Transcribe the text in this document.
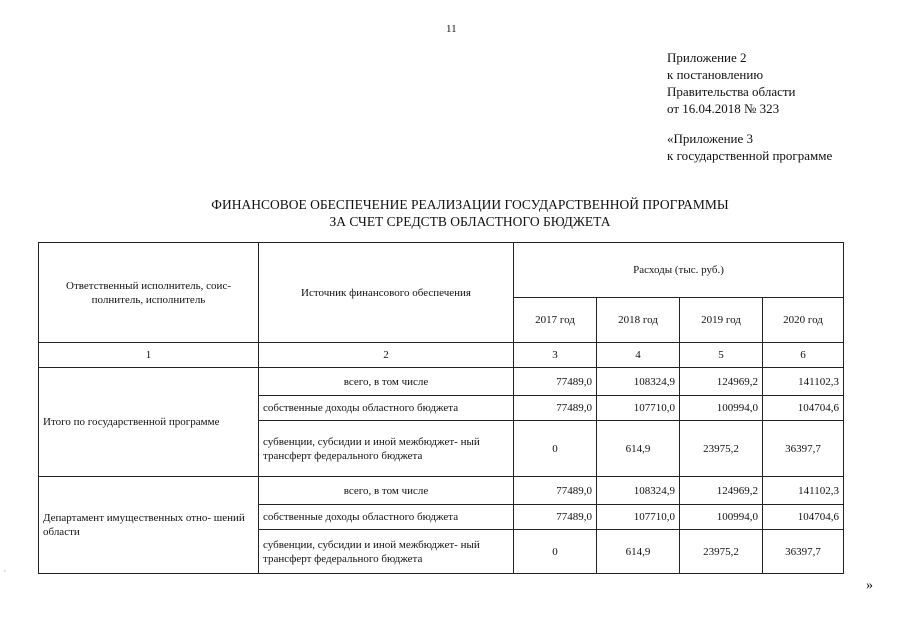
11
Приложение 2
к постановлению
Правительства области
от 16.04.2018 № 323
«Приложение 3
к государственной программе
ФИНАНСОВОЕ ОБЕСПЕЧЕНИЕ РЕАЛИЗАЦИИ ГОСУДАРСТВЕННОЙ ПРОГРАММЫ
ЗА СЧЕТ СРЕДСТВ ОБЛАСТНОГО БЮДЖЕТА
Ответственный исполнитель, соис- полнитель, исполнитель	Источник финансового обеспечения	Расходы (тыс. руб.)			
		2017 год	2018 год	2019 год	2020 год
1	2	3	4	5	6
Итого по государственной программе	всего, в том числе	77489,0	108324,9	124969,2	141102,3
	собственные доходы областного бюджета	77489,0	107710,0	100994,0	104704,6
	субвенции, субсидии и иной межбюджет- ный трансферт федерального бюджета	0	614,9	23975,2	36397,7
Департамент имущественных отно- шений области	всего, в том числе	77489,0	108324,9	124969,2	141102,3
	собственные доходы областного бюджета	77489,0	107710,0	100994,0	104704,6
	субвенции, субсидии и иной межбюджет- ный трансферт федерального бюджета	0	614,9	23975,2	36397,7
»
‹
